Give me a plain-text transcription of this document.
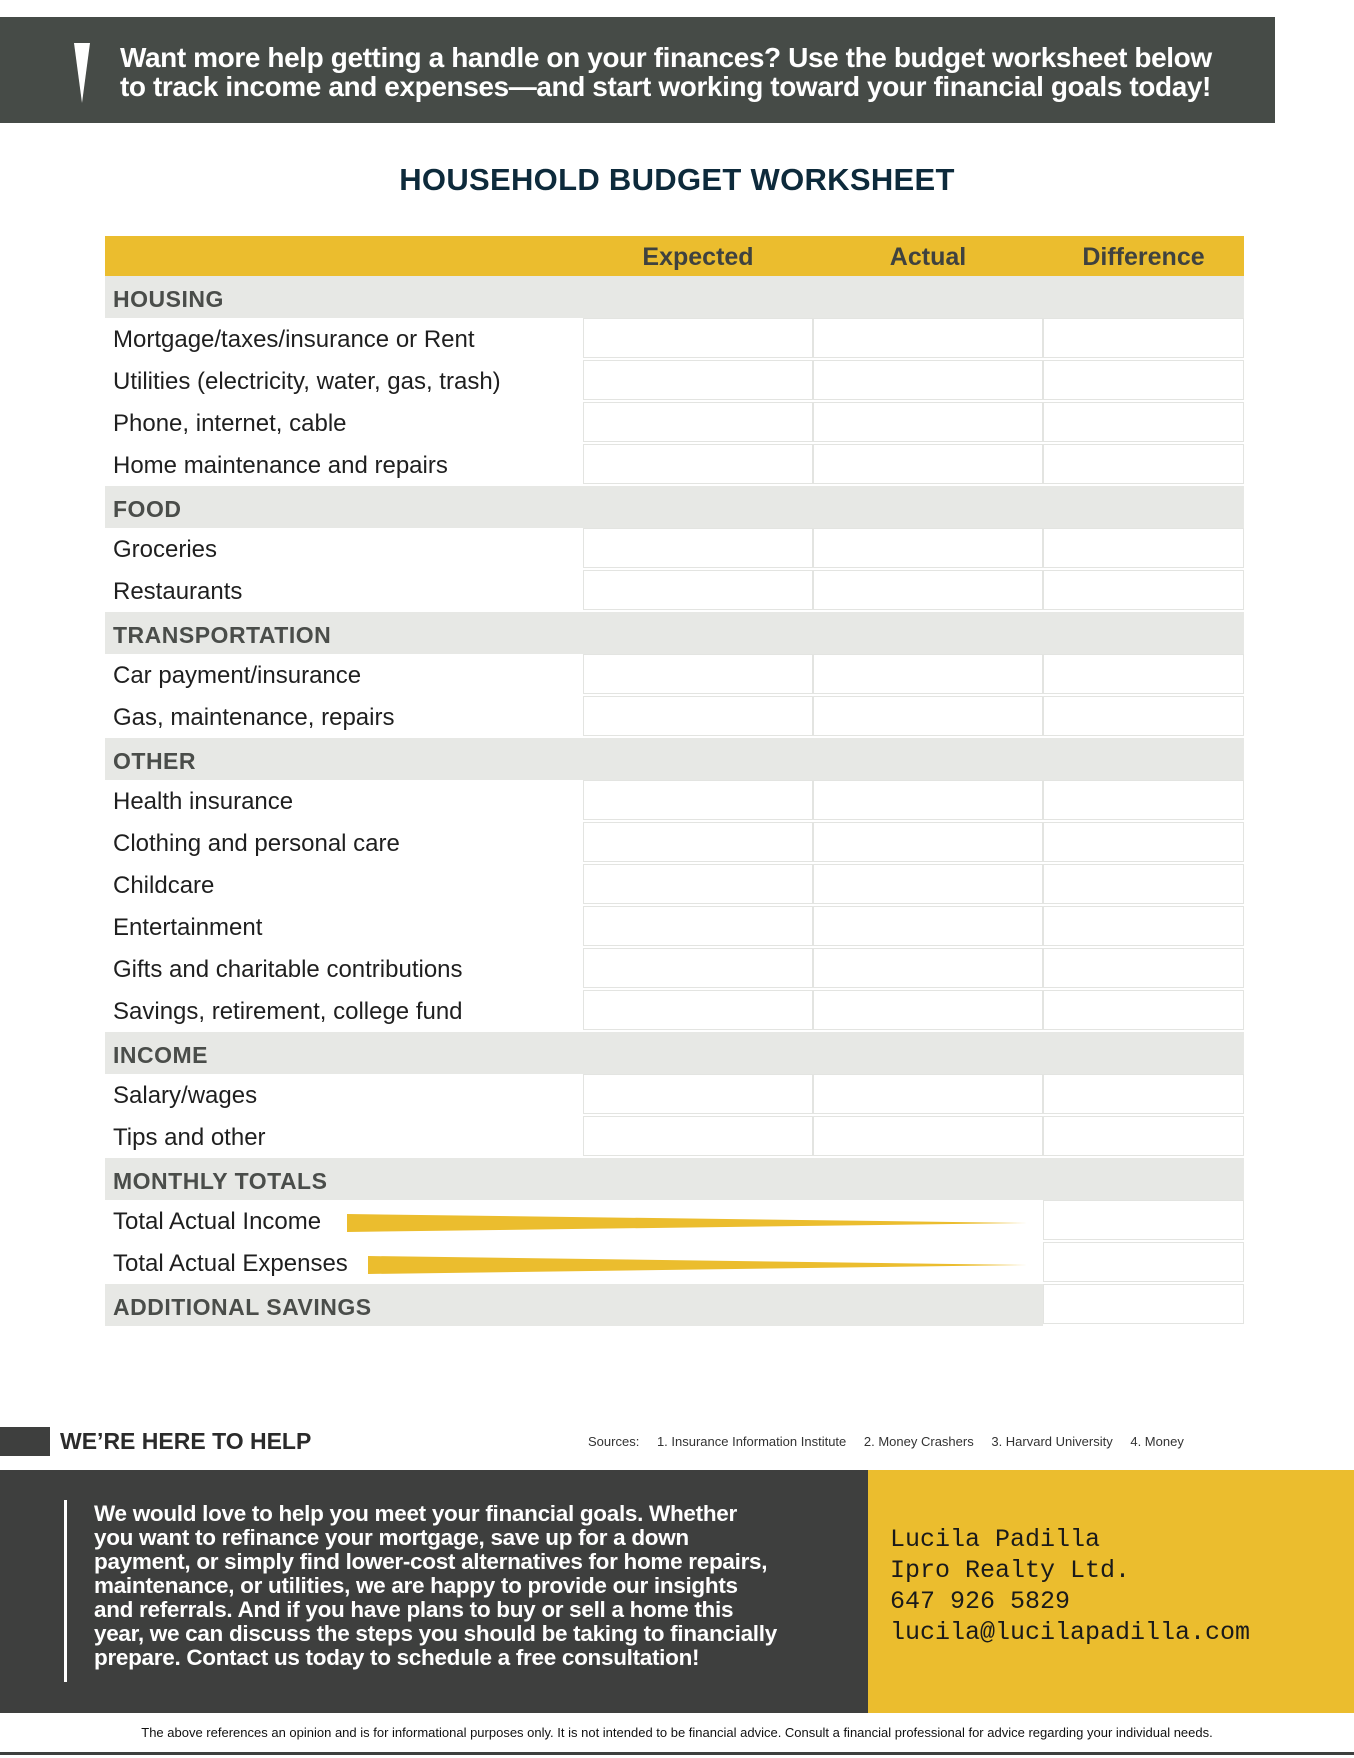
Want more help getting a handle on your finances? Use the budget worksheet below
to track income and expenses—and start working toward your financial goals today!
HOUSEHOLD BUDGET WORKSHEET
Expected	Actual	Difference
HOUSING
Mortgage/taxes/insurance or Rent
Utilities (electricity, water, gas, trash)
Phone, internet, cable
Home maintenance and repairs
FOOD
Groceries
Restaurants
TRANSPORTATION
Car payment/insurance
Gas, maintenance, repairs
OTHER
Health insurance
Clothing and personal care
Childcare
Entertainment
Gifts and charitable contributions
Savings, retirement, college fund
INCOME
Salary/wages
Tips and other
MONTHLY TOTALS
Total Actual Income
Total Actual Expenses
ADDITIONAL SAVINGS
WE’RE HERE TO HELP	Sources: 1. Insurance Information Institute 2. Money Crashers 3. Harvard University 4. Money
We would love to help you meet your financial goals. Whether
you want to refinance your mortgage, save up for a down
payment, or simply find lower-cost alternatives for home repairs,
maintenance, or utilities, we are happy to provide our insights
and referrals. And if you have plans to buy or sell a home this
year, we can discuss the steps you should be taking to financially
prepare. Contact us today to schedule a free consultation!
Lucila Padilla
Ipro Realty Ltd.
647 926 5829
lucila@lucilapadilla.com
The above references an opinion and is for informational purposes only. It is not intended to be financial advice. Consult a financial professional for advice regarding your individual needs.
